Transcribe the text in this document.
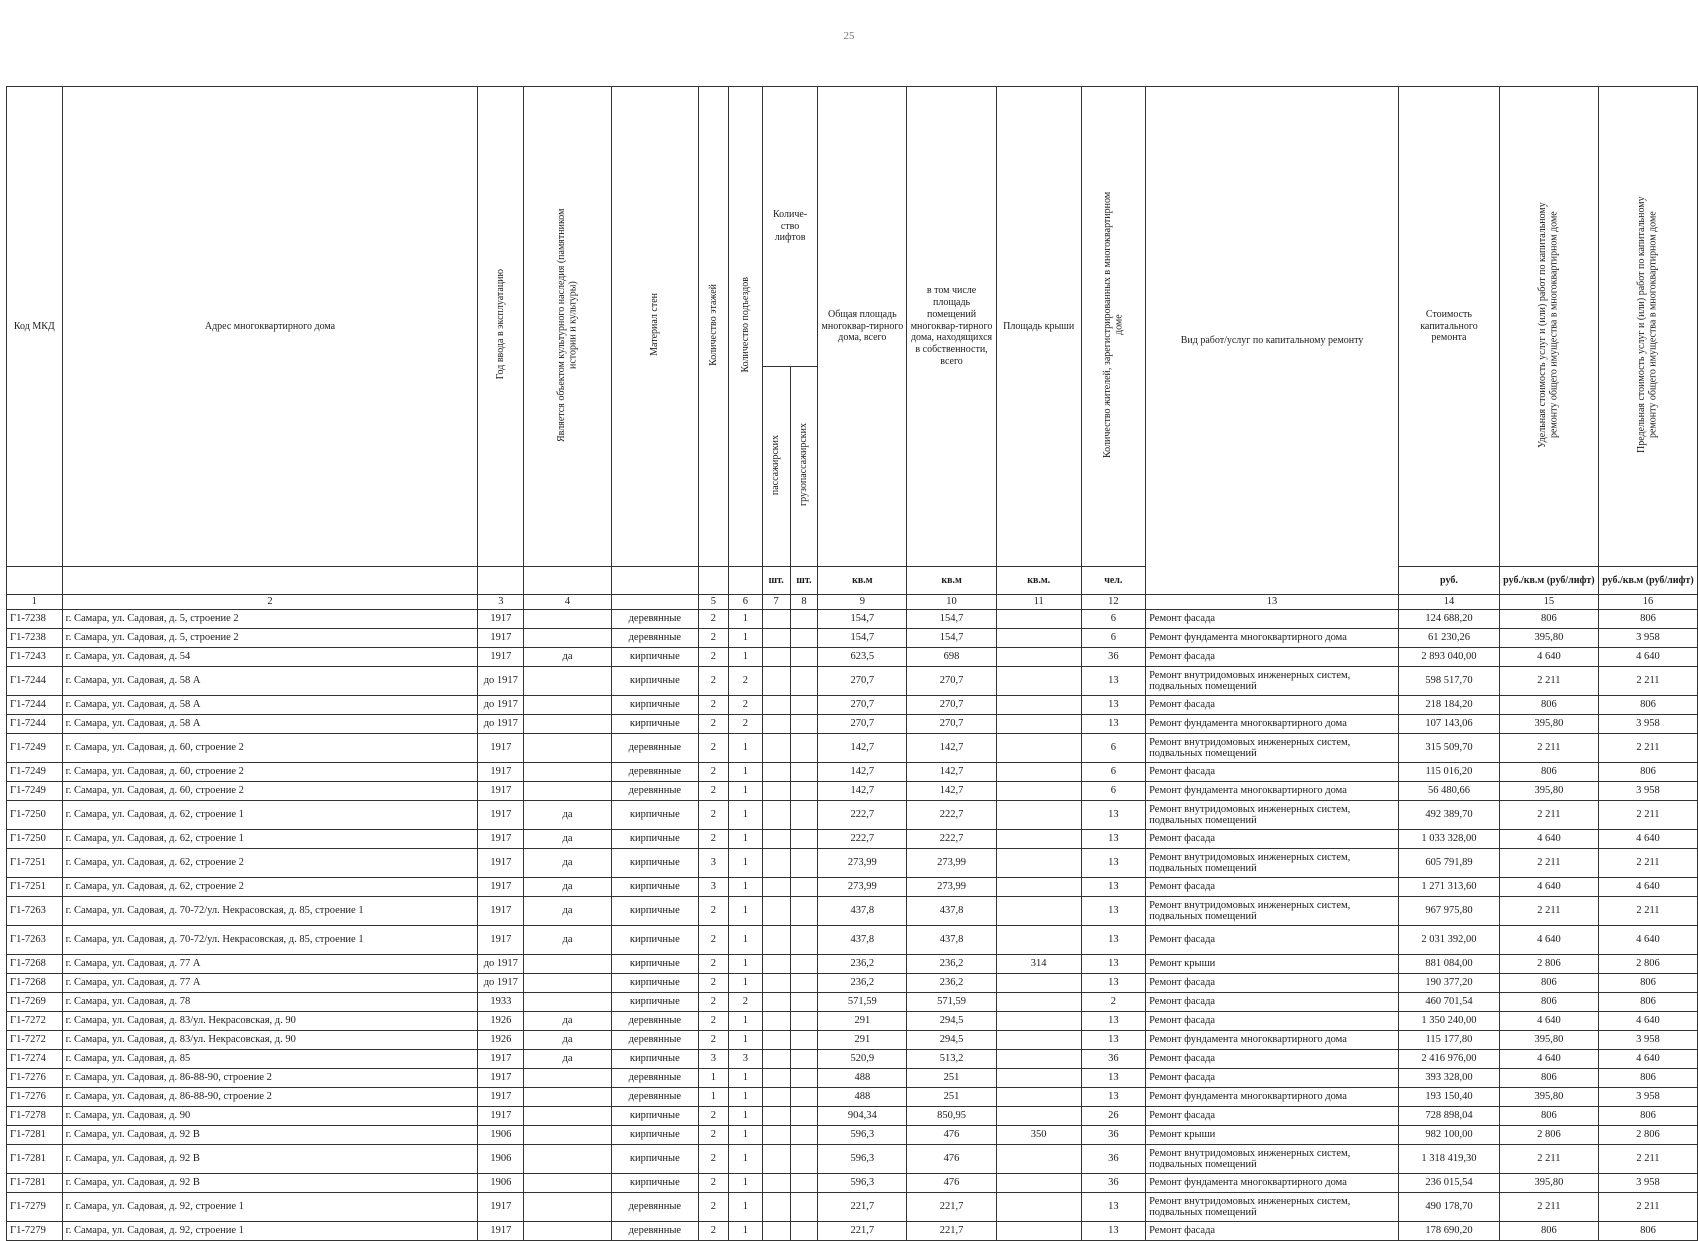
25
Код МКД	Адрес многоквартирного дома	Год ввода в эксплуатацию	Является объектом культурного наследия (памятником истории и культуры)	Материал стен	Количество этажей	Количество подъездов	Количе-ство лифтов		Общая площадь многоквар-тирного дома, всего	в том числе площадь помещений многоквар-тирного дома, находящихся в собственности, всего	Площадь крыши	Количество жителей, зарегистрированных в многоквартирном доме	Вид работ/услуг по капитальному ремонту	Стоимость капитального ремонта	Удельная стоимость услуг и (или) работ по капитальному ремонту общего имущества в многоквартирном доме	Предельная стоимость услуг и (или) работ по капитальному ремонту общего имущества в многоквартирном доме
							пассажирских	грузопассажирских								
							шт.	шт.	кв.м	кв.м	кв.м.	чел.		руб.	руб./кв.м (руб/лифт)	руб./кв.м (руб/лифт)
1	2	3	4		5	6	7	8	9	10	11	12	13	14	15	16
Г1-7238	г. Самара, ул. Садовая, д. 5, строение 2	1917		деревянные	2	1			154,7	154,7		6	Ремонт фасада	124 688,20	806	806
Г1-7238	г. Самара, ул. Садовая, д. 5, строение 2	1917		деревянные	2	1			154,7	154,7		6	Ремонт фундамента многоквартирного дома	61 230,26	395,80	3 958
Г1-7243	г. Самара, ул. Садовая, д. 54	1917	да	кирпичные	2	1			623,5	698		36	Ремонт фасада	2 893 040,00	4 640	4 640
Г1-7244	г. Самара, ул. Садовая, д. 58 А	до 1917		кирпичные	2	2			270,7	270,7		13	Ремонт внутридомовых инженерных систем, подвальных помещений	598 517,70	2 211	2 211
Г1-7244	г. Самара, ул. Садовая, д. 58 А	до 1917		кирпичные	2	2			270,7	270,7		13	Ремонт фасада	218 184,20	806	806
Г1-7244	г. Самара, ул. Садовая, д. 58 А	до 1917		кирпичные	2	2			270,7	270,7		13	Ремонт фундамента многоквартирного дома	107 143,06	395,80	3 958
Г1-7249	г. Самара, ул. Садовая, д. 60, строение 2	1917		деревянные	2	1			142,7	142,7		6	Ремонт внутридомовых инженерных систем, подвальных помещений	315 509,70	2 211	2 211
Г1-7249	г. Самара, ул. Садовая, д. 60, строение 2	1917		деревянные	2	1			142,7	142,7		6	Ремонт фасада	115 016,20	806	806
Г1-7249	г. Самара, ул. Садовая, д. 60, строение 2	1917		деревянные	2	1			142,7	142,7		6	Ремонт фундамента многоквартирного дома	56 480,66	395,80	3 958
Г1-7250	г. Самара, ул. Садовая, д. 62, строение 1	1917	да	кирпичные	2	1			222,7	222,7		13	Ремонт внутридомовых инженерных систем, подвальных помещений	492 389,70	2 211	2 211
Г1-7250	г. Самара, ул. Садовая, д. 62, строение 1	1917	да	кирпичные	2	1			222,7	222,7		13	Ремонт фасада	1 033 328,00	4 640	4 640
Г1-7251	г. Самара, ул. Садовая, д. 62, строение 2	1917	да	кирпичные	3	1			273,99	273,99		13	Ремонт внутридомовых инженерных систем, подвальных помещений	605 791,89	2 211	2 211
Г1-7251	г. Самара, ул. Садовая, д. 62, строение 2	1917	да	кирпичные	3	1			273,99	273,99		13	Ремонт фасада	1 271 313,60	4 640	4 640
Г1-7263	г. Самара, ул. Садовая, д. 70-72/ул. Некрасовская, д. 85, строение 1	1917	да	кирпичные	2	1			437,8	437,8		13	Ремонт внутридомовых инженерных систем, подвальных помещений	967 975,80	2 211	2 211
Г1-7263	г. Самара, ул. Садовая, д. 70-72/ул. Некрасовская, д. 85, строение 1	1917	да	кирпичные	2	1			437,8	437,8		13	Ремонт фасада	2 031 392,00	4 640	4 640
Г1-7268	г. Самара, ул. Садовая, д. 77 А	до 1917		кирпичные	2	1			236,2	236,2	314	13	Ремонт крыши	881 084,00	2 806	2 806
Г1-7268	г. Самара, ул. Садовая, д. 77 А	до 1917		кирпичные	2	1			236,2	236,2		13	Ремонт фасада	190 377,20	806	806
Г1-7269	г. Самара, ул. Садовая, д. 78	1933		кирпичные	2	2			571,59	571,59		2	Ремонт фасада	460 701,54	806	806
Г1-7272	г. Самара, ул. Садовая, д. 83/ул. Некрасовская, д. 90	1926	да	деревянные	2	1			291	294,5		13	Ремонт фасада	1 350 240,00	4 640	4 640
Г1-7272	г. Самара, ул. Садовая, д. 83/ул. Некрасовская, д. 90	1926	да	деревянные	2	1			291	294,5		13	Ремонт фундамента многоквартирного дома	115 177,80	395,80	3 958
Г1-7274	г. Самара, ул. Садовая, д. 85	1917	да	кирпичные	3	3			520,9	513,2		36	Ремонт фасада	2 416 976,00	4 640	4 640
Г1-7276	г. Самара, ул. Садовая, д. 86-88-90, строение 2	1917		деревянные	1	1			488	251		13	Ремонт фасада	393 328,00	806	806
Г1-7276	г. Самара, ул. Садовая, д. 86-88-90, строение 2	1917		деревянные	1	1			488	251		13	Ремонт фундамента многоквартирного дома	193 150,40	395,80	3 958
Г1-7278	г. Самара, ул. Садовая, д. 90	1917		кирпичные	2	1			904,34	850,95		26	Ремонт фасада	728 898,04	806	806
Г1-7281	г. Самара, ул. Садовая, д. 92 В	1906		кирпичные	2	1			596,3	476	350	36	Ремонт крыши	982 100,00	2 806	2 806
Г1-7281	г. Самара, ул. Садовая, д. 92 В	1906		кирпичные	2	1			596,3	476		36	Ремонт внутридомовых инженерных систем, подвальных помещений	1 318 419,30	2 211	2 211
Г1-7281	г. Самара, ул. Садовая, д. 92 В	1906		кирпичные	2	1			596,3	476		36	Ремонт фундамента многоквартирного дома	236 015,54	395,80	3 958
Г1-7279	г. Самара, ул. Садовая, д. 92, строение 1	1917		деревянные	2	1			221,7	221,7		13	Ремонт внутридомовых инженерных систем, подвальных помещений	490 178,70	2 211	2 211
Г1-7279	г. Самара, ул. Садовая, д. 92, строение 1	1917		деревянные	2	1			221,7	221,7		13	Ремонт фасада	178 690,20	806	806
